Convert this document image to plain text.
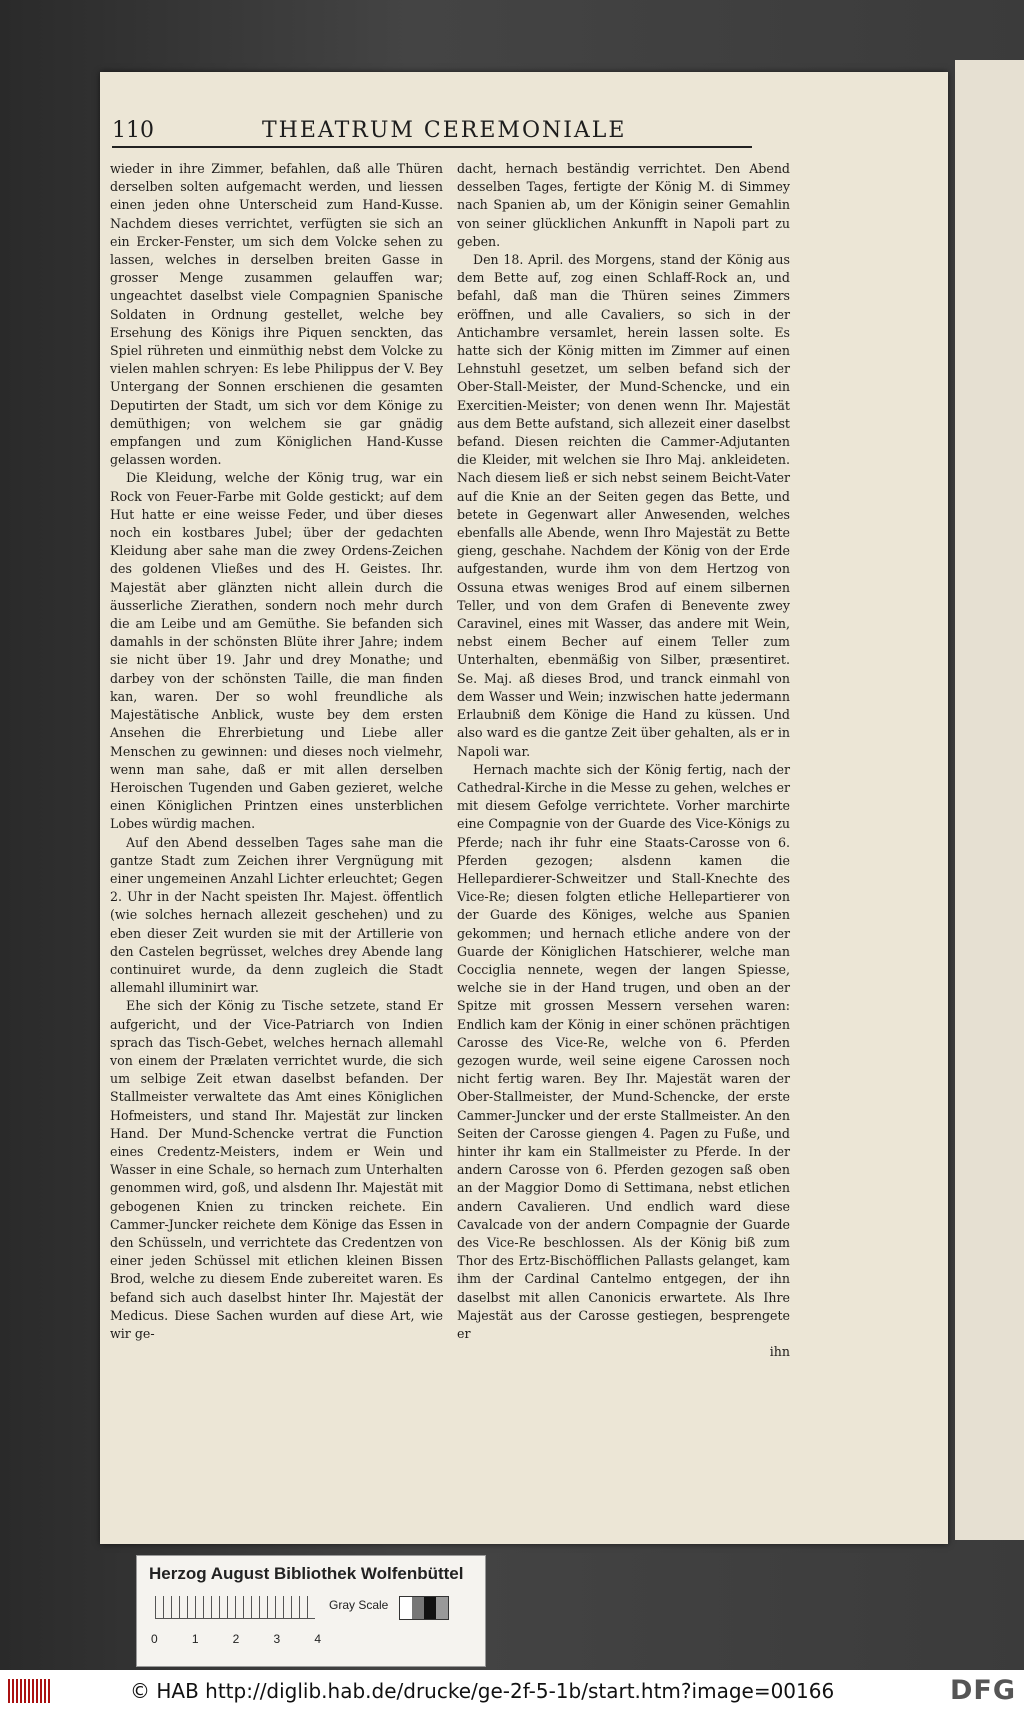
110	THEATRUM CEREMONIALE

wieder in ihre Zimmer, befahlen, daß alle Thüren derselben solten aufgemacht werden, und liessen einen jeden ohne Unterscheid zum Hand-Kusse. Nachdem dieses verrichtet, verfügten sie sich an ein Ercker-Fenster, um sich dem Volcke sehen zu lassen, welches in derselben breiten Gasse in grosser Menge zusammen gelauffen war; ungeachtet daselbst viele Compagnien Spanische Soldaten in Ordnung gestellet, welche bey Ersehung des Königs ihre Piquen senckten, das Spiel rühreten und einmüthig nebst dem Volcke zu vielen mahlen schryen: Es lebe Philippus der V. Bey Untergang der Sonnen erschienen die gesamten Deputirten der Stadt, um sich vor dem Könige zu demüthigen; von welchem sie gar gnädig empfangen und zum Königlichen Hand-Kusse gelassen worden.

Die Kleidung, welche der König trug, war ein Rock von Feuer-Farbe mit Golde gestickt; auf dem Hut hatte er eine weisse Feder, und über dieses noch ein kostbares Jubel; über der gedachten Kleidung aber sahe man die zwey Ordens-Zeichen des goldenen Vließes und des H. Geistes. Ihr. Majestät aber glänzten nicht allein durch die äusserliche Zierathen, sondern noch mehr durch die am Leibe und am Gemüthe. Sie befanden sich damahls in der schönsten Blüte ihrer Jahre; indem sie nicht über 19. Jahr und drey Monathe; und darbey von der schönsten Taille, die man finden kan, waren. Der so wohl freundliche als Majestätische Anblick, wuste bey dem ersten Ansehen die Ehrerbietung und Liebe aller Menschen zu gewinnen: und dieses noch vielmehr, wenn man sahe, daß er mit allen derselben Heroischen Tugenden und Gaben gezieret, welche einen Königlichen Printzen eines unsterblichen Lobes würdig machen.

Auf den Abend desselben Tages sahe man die gantze Stadt zum Zeichen ihrer Vergnügung mit einer ungemeinen Anzahl Lichter erleuchtet; Gegen 2. Uhr in der Nacht speisten Ihr. Majest. öffentlich (wie solches hernach allezeit geschehen) und zu eben dieser Zeit wurden sie mit der Artillerie von den Castelen begrüsset, welches drey Abende lang continuiret wurde, da denn zugleich die Stadt allemahl illuminirt war.

Ehe sich der König zu Tische setzete, stand Er aufgericht, und der Vice-Patriarch von Indien sprach das Tisch-Gebet, welches hernach allemahl von einem der Prælaten verrichtet wurde, die sich um selbige Zeit etwan daselbst befanden. Der Stallmeister verwaltete das Amt eines Königlichen Hofmeisters, und stand Ihr. Majestät zur lincken Hand. Der Mund-Schencke vertrat die Function eines Credentz-Meisters, indem er Wein und Wasser in eine Schale, so hernach zum Unterhalten genommen wird, goß, und alsdenn Ihr. Majestät mit gebogenen Knien zu trincken reichete. Ein Cammer-Juncker reichete dem Könige das Essen in den Schüsseln, und verrichtete das Credentzen von einer jeden Schüssel mit etlichen kleinen Bissen Brod, welche zu diesem Ende zubereitet waren. Es befand sich auch daselbst hinter Ihr. Majestät der Medicus. Diese Sachen wurden auf diese Art, wie wir ge-

dacht, hernach beständig verrichtet. Den Abend desselben Tages, fertigte der König M. di Simmey nach Spanien ab, um der Königin seiner Gemahlin von seiner glücklichen Ankunfft in Napoli part zu geben.

Den 18. April. des Morgens, stand der König aus dem Bette auf, zog einen Schlaff-Rock an, und befahl, daß man die Thüren seines Zimmers eröffnen, und alle Cavaliers, so sich in der Antichambre versamlet, herein lassen solte. Es hatte sich der König mitten im Zimmer auf einen Lehnstuhl gesetzet, um selben befand sich der Ober-Stall-Meister, der Mund-Schencke, und ein Exercitien-Meister; von denen wenn Ihr. Majestät aus dem Bette aufstand, sich allezeit einer daselbst befand. Diesen reichten die Cammer-Adjutanten die Kleider, mit welchen sie Ihro Maj. ankleideten. Nach diesem ließ er sich nebst seinem Beicht-Vater auf die Knie an der Seiten gegen das Bette, und betete in Gegenwart aller Anwesenden, welches ebenfalls alle Abende, wenn Ihro Majestät zu Bette gieng, geschahe. Nachdem der König von der Erde aufgestanden, wurde ihm von dem Hertzog von Ossuna etwas weniges Brod auf einem silbernen Teller, und von dem Grafen di Benevente zwey Caravinel, eines mit Wasser, das andere mit Wein, nebst einem Becher auf einem Teller zum Unterhalten, ebenmäßig von Silber, præsentiret. Se. Maj. aß dieses Brod, und tranck einmahl von dem Wasser und Wein; inzwischen hatte jedermann Erlaubniß dem Könige die Hand zu küssen. Und also ward es die gantze Zeit über gehalten, als er in Napoli war.

Hernach machte sich der König fertig, nach der Cathedral-Kirche in die Messe zu gehen, welches er mit diesem Gefolge verrichtete. Vorher marchirte eine Compagnie von der Guarde des Vice-Königs zu Pferde; nach ihr fuhr eine Staats-Carosse von 6. Pferden gezogen; alsdenn kamen die Hellepardierer-Schweitzer und Stall-Knechte des Vice-Re; diesen folgten etliche Hellepartierer von der Guarde des Königes, welche aus Spanien gekommen; und hernach etliche andere von der Guarde der Königlichen Hatschierer, welche man Coccigliа nennete, wegen der langen Spiesse, welche sie in der Hand trugen, und oben an der Spitze mit grossen Messern versehen waren: Endlich kam der König in einer schönen prächtigen Carosse des Vice-Re, welche von 6. Pferden gezogen wurde, weil seine eigene Carossen noch nicht fertig waren. Bey Ihr. Majestät waren der Ober-Stallmeister, der Mund-Schencke, der erste Cammer-Juncker und der erste Stallmeister. An den Seiten der Carosse giengen 4. Pagen zu Fuße, und hinter ihr kam ein Stallmeister zu Pferde. In der andern Carosse von 6. Pferden gezogen saß oben an der Maggior Domo di Settimana, nebst etlichen andern Cavalieren. Und endlich ward diese Cavalcade von der andern Compagnie der Guarde des Vice-Re beschlossen. Als der König biß zum Thor des Ertz-Bischöfflichen Pallasts gelanget, kam ihm der Cardinal Cantelmo entgegen, der ihn daselbst mit allen Canonicis erwartete. Als Ihre Majestät aus der Carosse gestiegen, besprengete er

ihn
Herzog August Bibliothek Wolfenbüttel
0	1	2	3	4
Gray Scale
© HAB http://diglib.hab.de/drucke/ge-2f-5-1b/start.htm?image=00166	DFG
